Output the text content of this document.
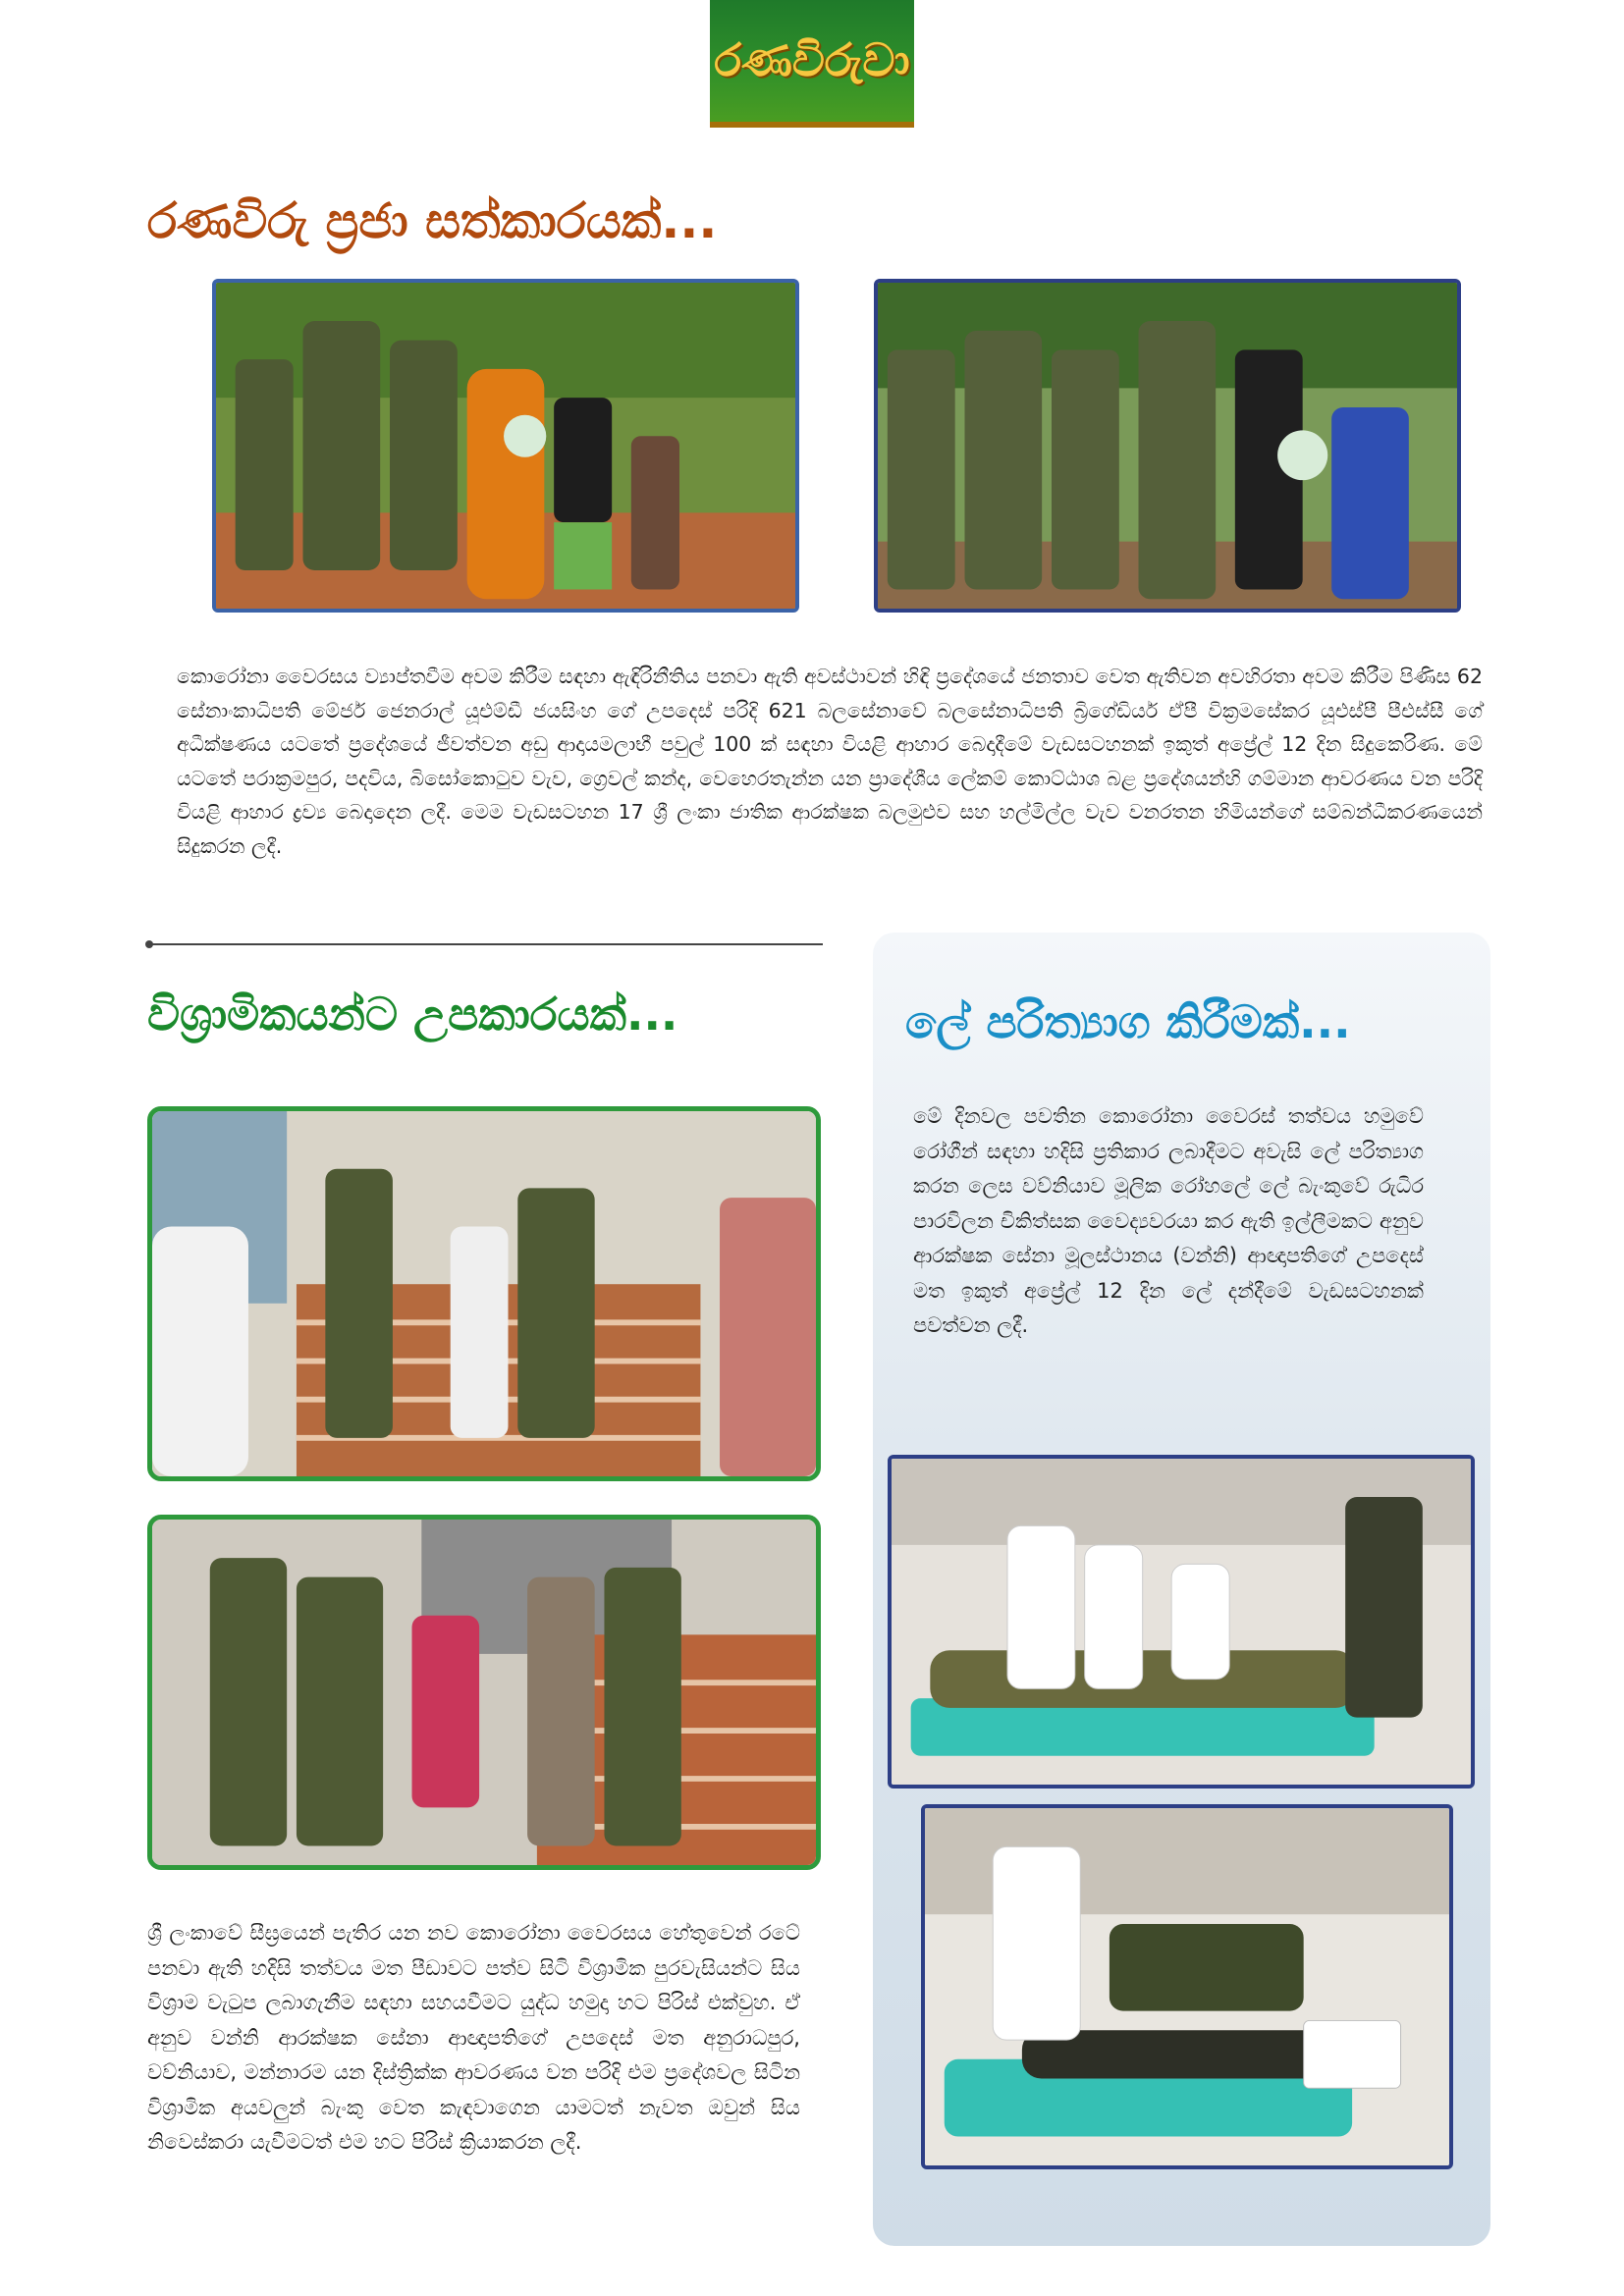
රණවිරුවා
රණවිරු ප්‍රජා සත්කාරයක්...
කොරෝනා වෛරසය ව්‍යාප්තවීම අවම කිරීම සඳහා ඇඳිරිනීතිය පනවා ඇති අවස්ථාවන් හිඳි ප්‍රදේශයේ ජනතාව වෙත ඇතිවන අවහිරතා අවම කිරීම පිණිස 62 සේනාංකාධිපති මේජර් ජෙනරාල් යූඑම්ඩී ජයසිංහ ගේ උපදෙස් පරිදි 621 බලසේනාවේ බලසේනාධිපති බ්‍රිගේඩියර් ඒපී වික්‍රමසේකර යූඑස්පී පීඑස්සී ගේ අධීක්ෂණය යටතේ ප්‍රදේශයේ ජීවත්වන අඩු ආදායමලාභී පවුල් 100 ක් සඳහා වියළි ආහාර බෙදාදීමේ වැඩසටහනක් ඉකුත් අප්‍රේල් 12 දින සිදුකෙරිණ. මේ යටතේ පරාක්‍රමපුර, පදවිය, බිසෝකොටුව වැව, ග්‍රෙවල් කන්ද, වෙහෙරතැන්න යන ප්‍රාදේශීය ලේකම් කොට්ඨාශ බළ ප්‍රදේශයන්හි ගම්මාන ආවරණය වන පරිදි වියළි ආහාර ද්‍රව්‍ය බෙදාදෙන ලදී. මෙම වැඩසටහන 17 ශ්‍රී ලංකා ජාතික ආරක්ෂක බලමුළුව සහ හල්මිල්ල වැව වනරතන හිමියන්ගේ සම්බන්ධීකරණයෙන් සිදුකරන ලදී.
විශ්‍රාමිකයන්ට උපකාරයක්...
ශ්‍රී ලංකාවේ සීඝ්‍රයෙන් පැතිර යන නව කොරෝනා වෛරසය හේතුවෙන් රටේ පනවා ඇති හදිසි තත්වය මත පීඩාවට පත්ව සිටි විශ්‍රාමික පුරවැසියන්ට සිය විශ්‍රාම වැටුප ලබාගැනීම සඳහා සහයවීමට යුද්ධ හමුදා හට පිරිස් එක්වුහ. ඒ අනුව වන්නි ආරක්ෂක සේනා ආඥාපතිගේ උපදෙස් මත අනුරාධපුර, වව්නියාව, මන්නාරම යන දිස්ත්‍රික්ක ආවරණය වන පරිදි එම ප්‍රදේශවල සිටින විශ්‍රාමික අයවලුන් බැංකු වෙත කැඳවාගෙන යාමටත් නැවත ඔවුන් සිය නිවෙස්කරා යැවීමටත් එම හට පිරිස් ක්‍රියාකරන ලදී.
ලේ පරිත්‍යාග කිරීමක්...
මේ දිනවල පවතින කොරෝනා වෛරස් තත්වය හමුවේ රෝගීන් සඳහා හදිසි ප්‍රතිකාර ලබාදීමට අවැසි ලේ පරිත්‍යාග කරන ලෙස වව්නියාව මූලික රෝහලේ ලේ බැංකුවේ රුධිර පාරවිලන චිකිත්සක වෛද්‍යවරයා කර ඇති ඉල්ලීමකට අනුව ආරක්ෂක සේනා මූලස්ථානය (වන්නි) ආඥාපතිගේ උපදෙස් මත ඉකුත් අප්‍රේල් 12 දින ලේ දන්දීමේ වැඩසටහනක් පවත්වන ලදී.
